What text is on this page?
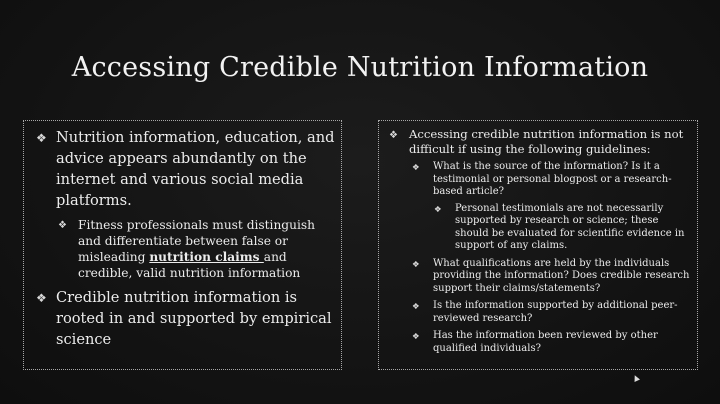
Accessing Credible Nutrition Information
❖ Nutrition information, education, and advice appears abundantly on the internet and various social media platforms.
❖ Fitness professionals must distinguish and differentiate between false or misleading nutrition claims and credible, valid nutrition information
❖ Credible nutrition information is rooted in and supported by empirical science
❖ Accessing credible nutrition information is not difficult if using the following guidelines:
❖ What is the source of the information? Is it a testimonial or personal blogpost or a research-based article?
❖ Personal testimonials are not necessarily supported by research or science; these should be evaluated for scientific evidence in support of any claims.
❖ What qualifications are held by the individuals providing the information? Does credible research support their claims/statements?
❖ Is the information supported by additional peer-reviewed research?
❖ Has the information been reviewed by other qualified individuals?
